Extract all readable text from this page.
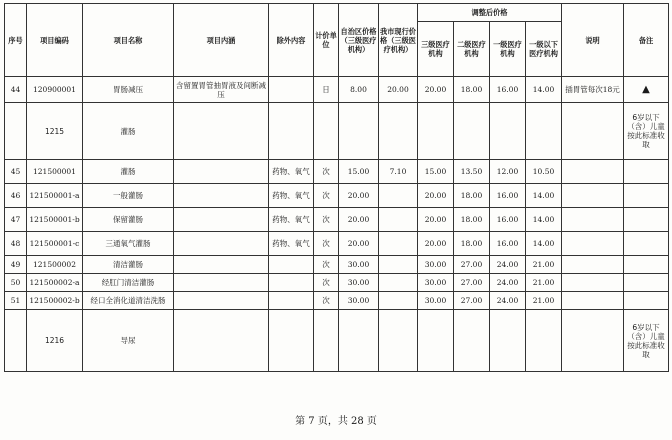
序号	项目编码	项目名称	项目内涵	除外内容	计价单位	自治区价格（三级医疗机构）	我市现行价格（三级医疗机构）	调整后价格				说明	备注
								三级医疗机构	二级医疗机构	一级医疗机构	一级以下医疗机构		
44	120900001	胃肠减压	含留置胃管抽胃液及间断减压		日	8.00	20.00	20.00	18.00	16.00	14.00	插胃管每次18元	▲
	1215	灌肠											6岁以下（含）儿童按此标准收取
45	121500001	灌肠		药物、氧气	次	15.00	7.10	15.00	13.50	12.00	10.50		
46	121500001-a	一般灌肠		药物、氧气	次	20.00		20.00	18.00	16.00	14.00		
47	121500001-b	保留灌肠		药物、氧气	次	20.00		20.00	18.00	16.00	14.00		
48	121500001-c	三通氧气灌肠		药物、氧气	次	20.00		20.00	18.00	16.00	14.00		
49	121500002	清洁灌肠			次	30.00		30.00	27.00	24.00	21.00		
50	121500002-a	经肛门清洁灌肠			次	30.00		30.00	27.00	24.00	21.00		
51	121500002-b	经口全消化道清洁洗肠			次	30.00		30.00	27.00	24.00	21.00		
	1216	导尿											6岁以下（含）儿童按此标准收取
第 7 页，共 28 页
